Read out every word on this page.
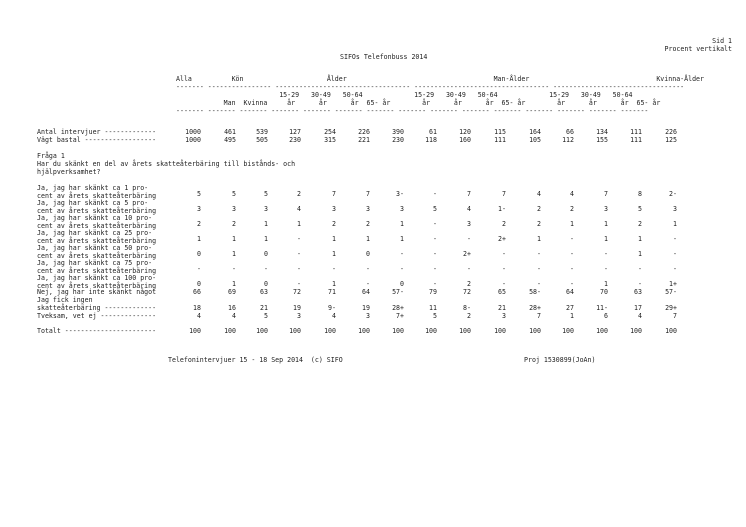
Sid 1
Procent vertikalt
SIFOs Telefonbuss 2014
Alla          Kön                     Ålder                                     Man-Ålder                                Kvinna-Ålder
------- ---------------- ---------------------------------- ---------------------------------- ---------------------------------
15-29   30-49   50-64             15-29   30-49   50-64             15-29   30-49   50-64
Man  Kvinna     år      år      år  65- år        år      år      år  65- år        år      år      år  65- år
------- ------- ------- ------- ------- ------- ------- ------- ------- ------- ------- ------- ------- ------- -------
Antal intervjuer -------------	1000	461	539	127	254	226	390	61	120	115	164	66	134	111	226
Vägt bastal ------------------	1000	495	505	230	315	221	230	118	160	111	105	112	155	111	125
Ja, jag har skänkt ca 1 pro-
cent av årets skatteåterbäring	5	5	5	2	7	7	3-	-	7	7	4	4	7	8	2-
Ja, jag har skänkt ca 5 pro-
cent av årets skatteåterbäring	3	3	3	4	3	3	3	5	4	1-	2	2	3	5	3
Ja, jag har skänkt ca 10 pro-
cent av årets skatteåterbäring	2	2	1	1	2	2	1	-	3	2	2	1	1	2	1
Ja, jag har skänkt ca 25 pro-
cent av årets skatteåterbäring	1	1	1	-	1	1	1	-	-	2+	1	-	1	1	-
Ja, jag har skänkt ca 50 pro-
cent av årets skatteåterbäring	0	1	0	-	1	0	-	-	2+	-	-	-	-	1	-
Ja, jag har skänkt ca 75 pro-
cent av årets skatteåterbäring	-	-	-	-	-	-	-	-	-	-	-	-	-	-	-
Ja, jag har skänkt ca 100 pro-
cent av årets skatteåterbäring	0	1	0	-	1	-	0	-	2	-	-	-	1	-	1+
Nej, jag har inte skänkt något	66	69	63	72	71	64	57-	79	72	65	58-	64	70	63	57-
Jag fick ingen
skatteåterbäring -------------	18	16	21	19	9-	19	28+	11	8-	21	28+	27	11-	17	29+
Tveksam, vet ej --------------	4	4	5	3	4	3	7+	5	2	3	7	1	6	4	7
Totalt -----------------------	100	100	100	100	100	100	100	100	100	100	100	100	100	100	100
Fråga 1
Har du skänkt en del av årets skatteåterbäring till bistånds- och
hjälpverksamhet?
Telefonintervjuer 15 - 18 Sep 2014  (c) SIFO	Proj 1530899(JoAn)
